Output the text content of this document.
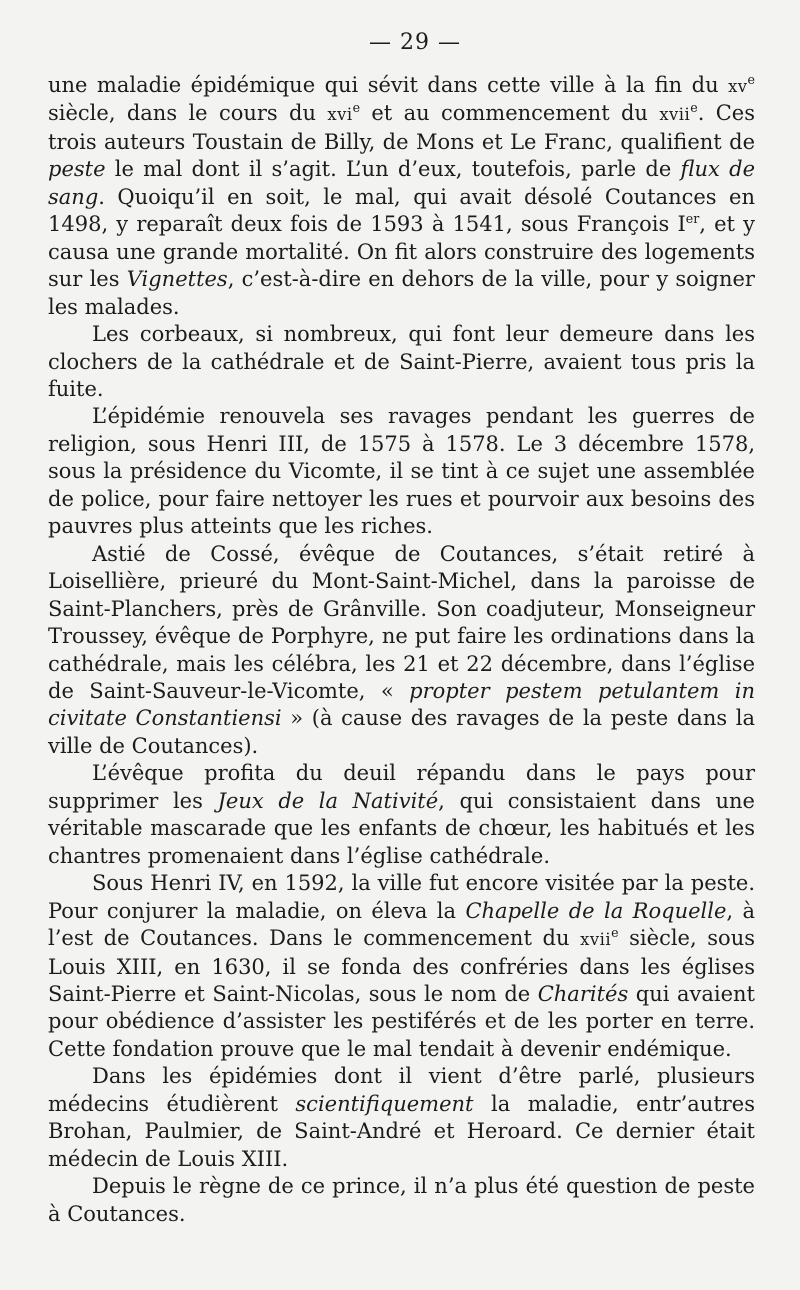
— 29 —

une maladie épidémique qui sévit dans cette ville à la fin du $xv^e$ siècle, dans le cours du xvi$^e$ et au commencement du xvii$^e$. Ces trois auteurs Toustain de Billy, de Mons et Le Franc, qualifient de peste le mal dont il s’agit. L’un d’eux, toutefois, parle de flux de sang. Quoiqu’il en soit, le mal, qui avait désolé Coutances en 1498, y reparaît deux fois de 1593 à 1541, sous François Ier, et y causa une grande mortalité. On fit alors construire des logements sur les Vignettes, c’est-à-dire en dehors de la ville, pour y soigner les malades.

Les corbeaux, si nombreux, qui font leur demeure dans les clochers de la cathédrale et de Saint-Pierre, avaient tous pris la fuite.

L’épidémie renouvela ses ravages pendant les guerres de religion, sous Henri III, de 1575 à 1578. Le 3 décembre 1578, sous la présidence du Vicomte, il se tint à ce sujet une assemblée de police, pour faire nettoyer les rues et pourvoir aux besoins des pauvres plus atteints que les riches.

Astié de Cossé, évêque de Coutances, s’était retiré à Loisellière, prieuré du Mont-Saint-Michel, dans la paroisse de Saint-Planchers, près de Grânville. Son coadjuteur, Monseigneur Troussey, évêque de Porphyre, ne put faire les ordinations dans la cathédrale, mais les célébra, les 21 et 22 décembre, dans l’église de Saint-Sauveur-le-Vicomte, « propter pestem petulantem in civitate Constantiensi » (à cause des ravages de la peste dans la ville de Coutances).

L’évêque profita du deuil répandu dans le pays pour supprimer les Jeux de la Nativité, qui consistaient dans une véritable mascarade que les enfants de chœur, les habitués et les chantres promenaient dans l’église cathédrale.

Sous Henri IV, en 1592, la ville fut encore visitée par la peste. Pour conjurer la maladie, on éleva la Chapelle de la Roquelle, à l’est de Coutances. Dans le commencement du xvii$^e$ siècle, sous Louis XIII, en 1630, il se fonda des confréries dans les églises Saint-Pierre et Saint-Nicolas, sous le nom de Charités qui avaient pour obédience d’assister les pestiférés et de les porter en terre. Cette fondation prouve que le mal tendait à devenir endémique.

Dans les épidémies dont il vient d’être parlé, plusieurs médecins étudièrent scientifiquement la maladie, entr’autres Brohan, Paulmier, de Saint-André et Heroard. Ce dernier était médecin de Louis XIII.

Depuis le règne de ce prince, il n’a plus été question de peste à Coutances.
